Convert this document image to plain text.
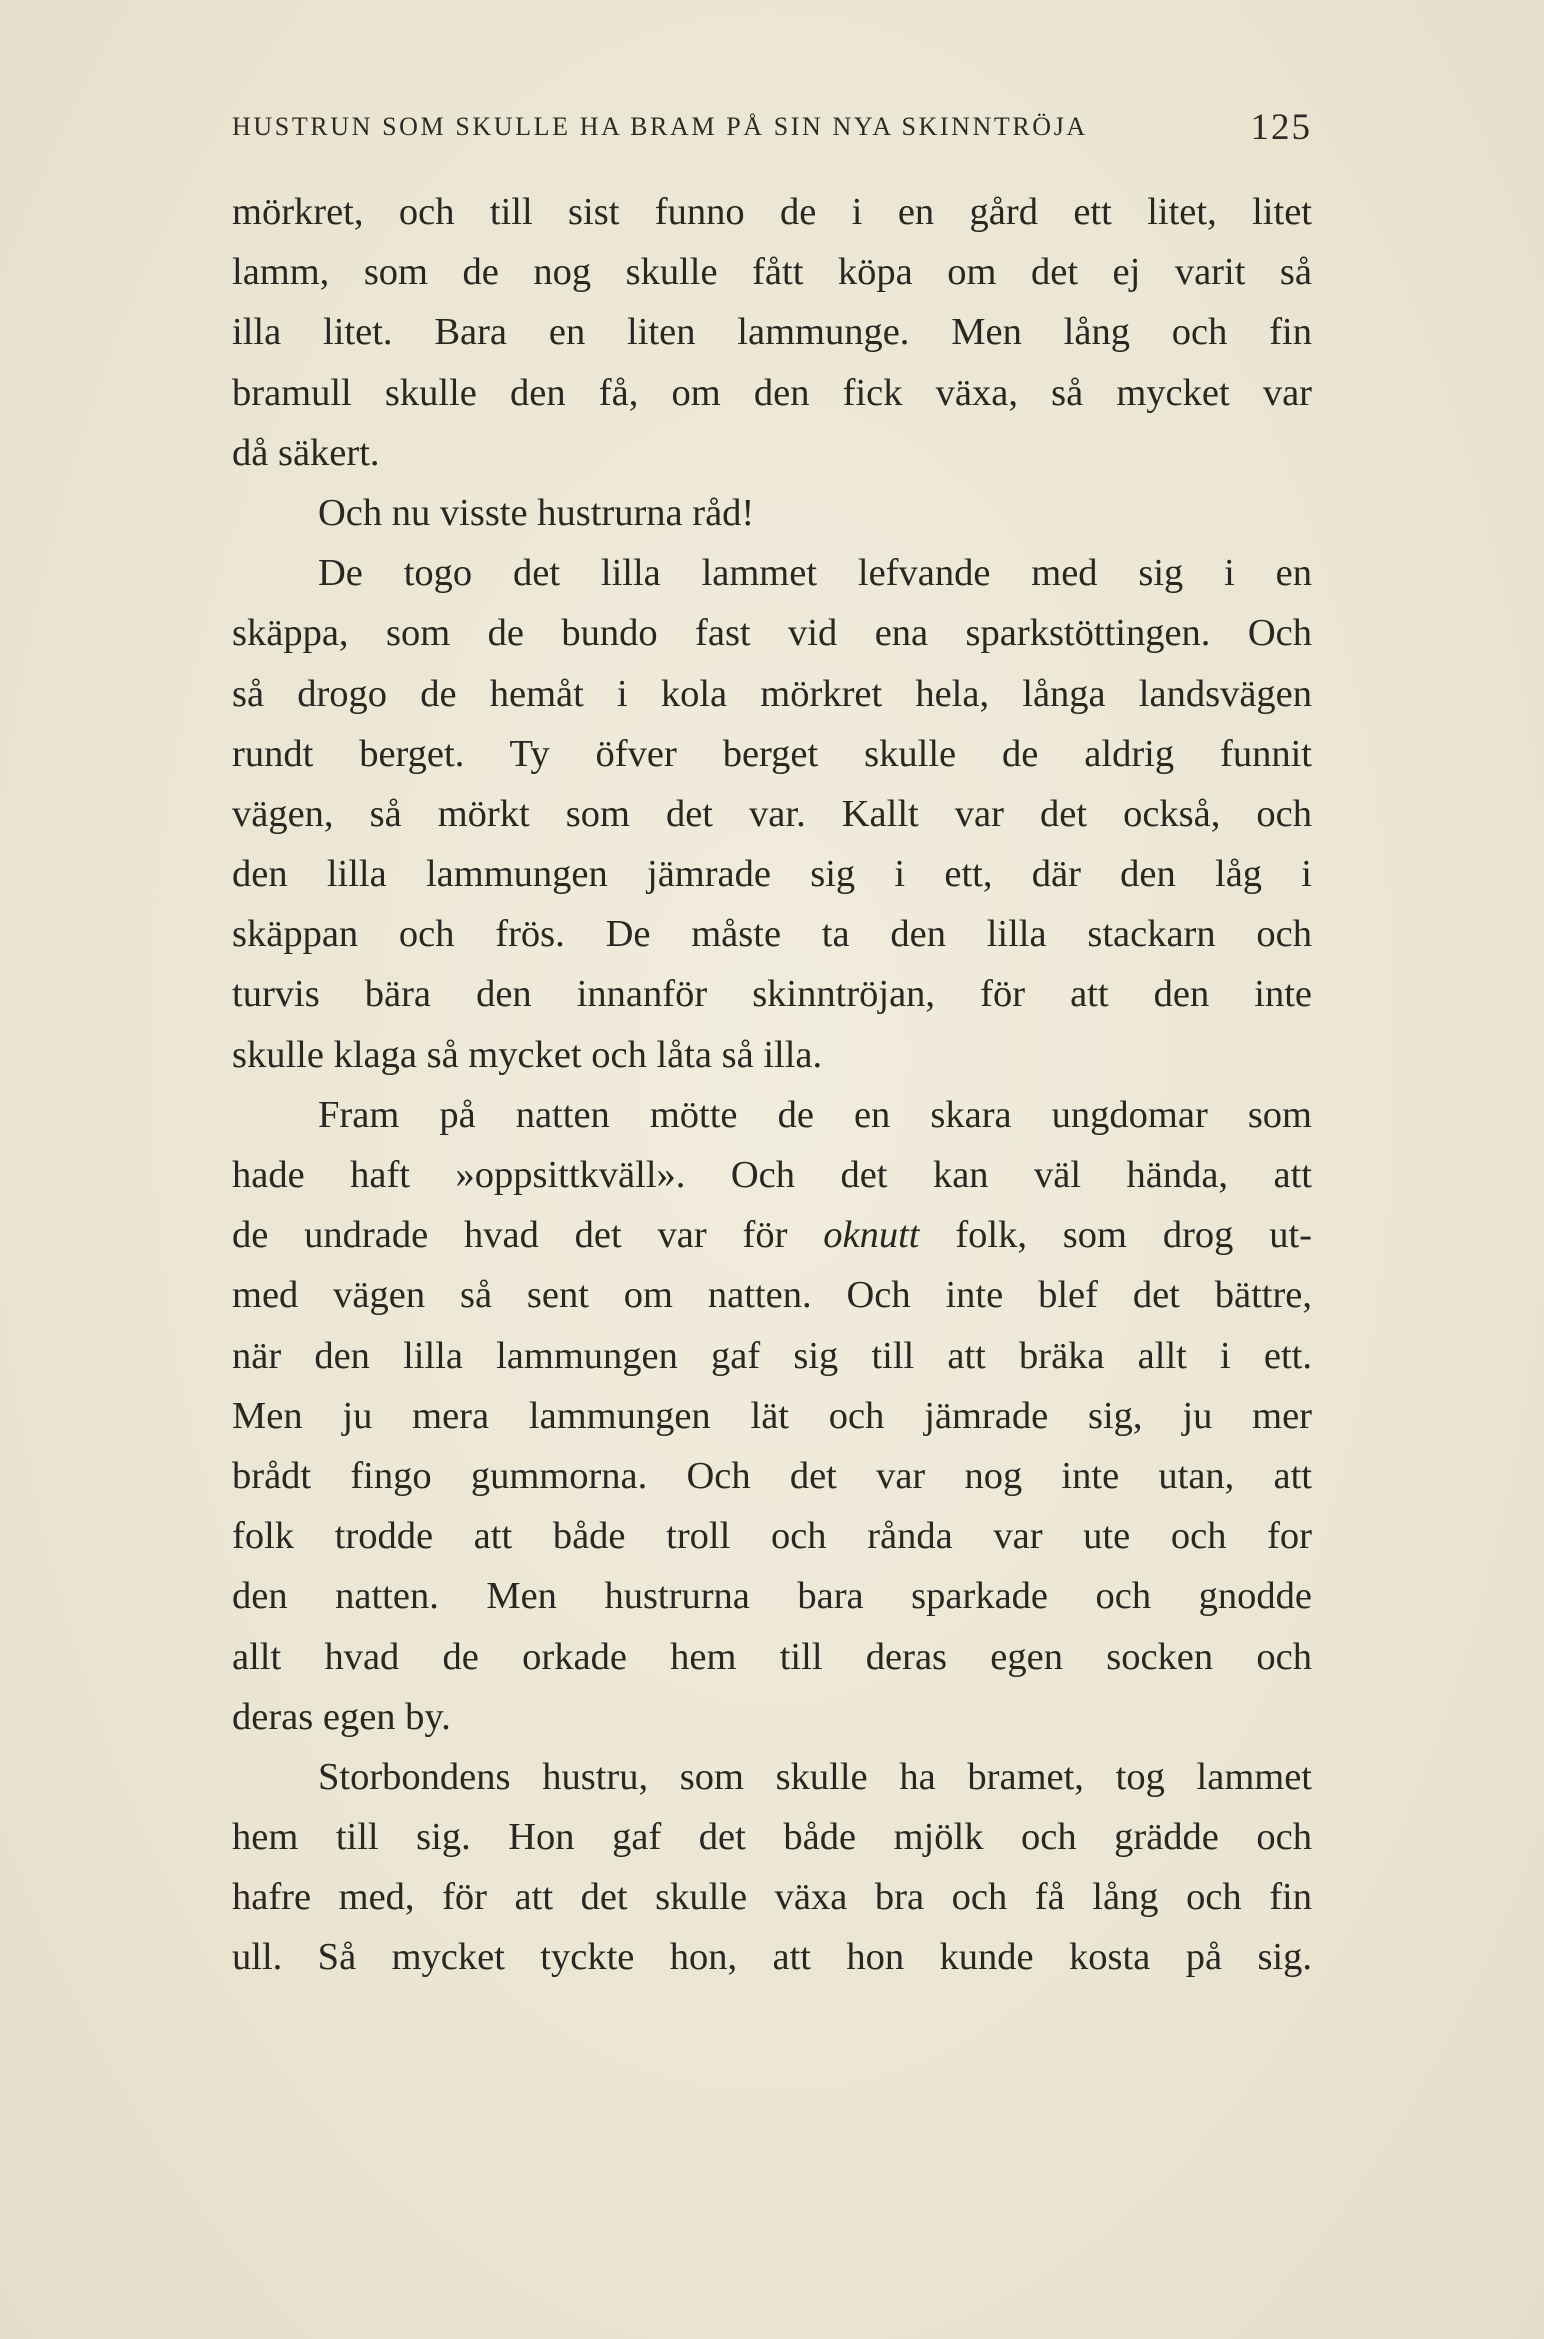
HUSTRUN SOM SKULLE HA BRAM PÅ SIN NYA SKINNTRÖJA	125
mörkret, och till sist funno de i en gård ett litet, litet
lamm, som de nog skulle fått köpa om det ej varit så
illa litet. Bara en liten lammunge. Men lång och fin
bramull skulle den få, om den fick växa, så mycket var
då säkert.
Och nu visste hustrurna råd!
De togo det lilla lammet lefvande med sig i en
skäppa, som de bundo fast vid ena sparkstöttingen. Och
så drogo de hemåt i kola mörkret hela, långa landsvägen
rundt berget. Ty öfver berget skulle de aldrig funnit
vägen, så mörkt som det var. Kallt var det också, och
den lilla lammungen jämrade sig i ett, där den låg i
skäppan och frös. De måste ta den lilla stackarn och
turvis bära den innanför skinntröjan, för att den inte
skulle klaga så mycket och låta så illa.
Fram på natten mötte de en skara ungdomar som
hade haft »oppsittkväll». Och det kan väl hända, att
de undrade hvad det var för oknutt folk, som drog ut-
med vägen så sent om natten. Och inte blef det bättre,
när den lilla lammungen gaf sig till att bräka allt i ett.
Men ju mera lammungen lät och jämrade sig, ju mer
brådt fingo gummorna. Och det var nog inte utan, att
folk trodde att både troll och rånda var ute och for
den natten. Men hustrurna bara sparkade och gnodde
allt hvad de orkade hem till deras egen socken och
deras egen by.
Storbondens hustru, som skulle ha bramet, tog lammet
hem till sig. Hon gaf det både mjölk och grädde och
hafre med, för att det skulle växa bra och få lång och fin
ull. Så mycket tyckte hon, att hon kunde kosta på sig.
